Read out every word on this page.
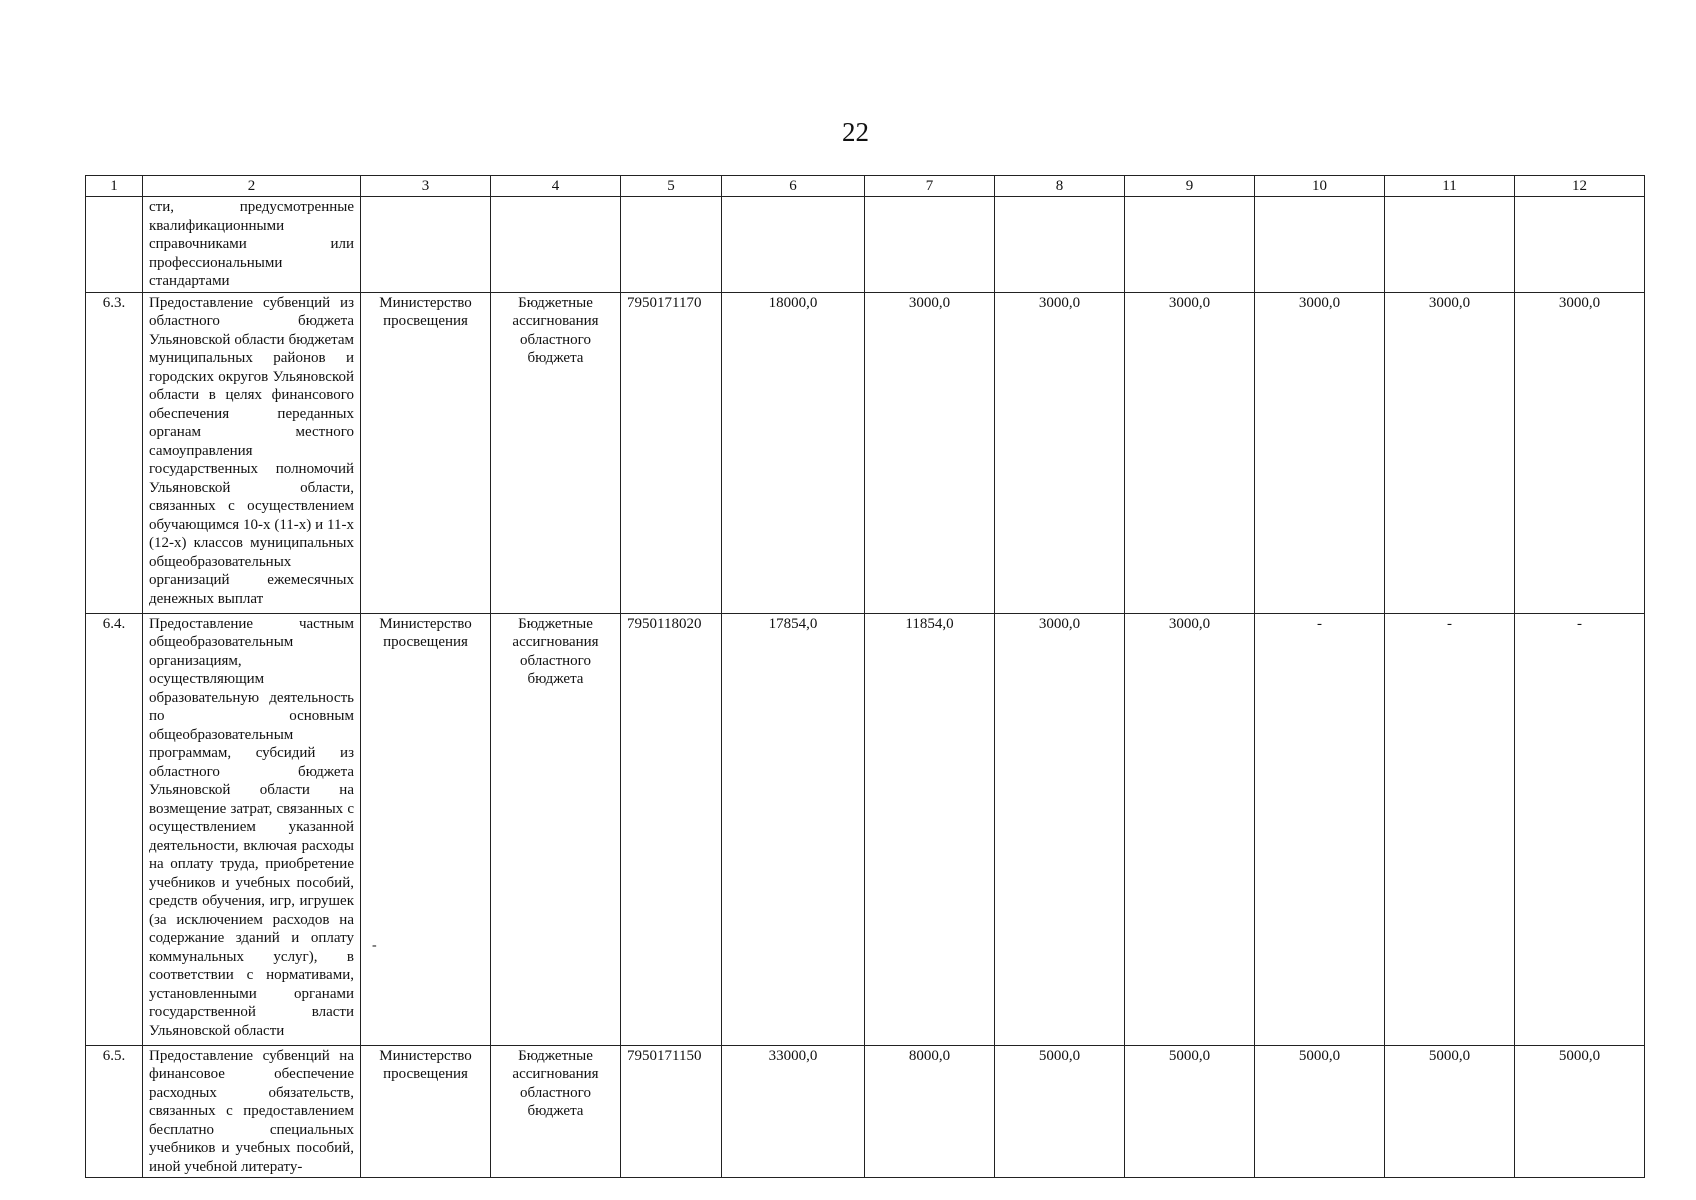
22
1	2	3	4	5	6	7	8	9	10	11	12
	сти, предусмотренные квалификационными справочниками или профессиональными стандартами										
6.3.	Предоставление субвенций из областного бюджета Ульяновской области бюджетам муниципальных районов и городских округов Ульяновской области в целях финансового обеспечения переданных органам местного самоуправления государственных полномочий Ульяновской области, связанных с осуществлением обучающимся 10-х (11-х) и 11-х (12-х) классов муниципальных общеобразовательных организаций ежемесячных денежных выплат	Министерство просвещения	Бюджетные ассигнования областного бюджета	7950171170	18000,0	3000,0	3000,0	3000,0	3000,0	3000,0	3000,0
6.4.	Предоставление частным общеобразовательным организациям, осуществляющим образовательную деятельность по основным общеобразовательным программам, субсидий из областного бюджета Ульяновской области на возмещение затрат, связанных с осуществлением указанной деятельности, включая расходы на оплату труда, приобретение учебников и учебных пособий, средств обучения, игр, игрушек (за исключением расходов на содержание зданий и оплату коммунальных услуг), в соответствии с нормативами, установленными органами государственной власти Ульяновской области	Министерство просвещения	Бюджетные ассигнования областного бюджета	7950118020	17854,0	11854,0	3000,0	3000,0	-	-	-
6.5.	Предоставление субвенций на финансовое обеспечение расходных обязательств, связанных с предоставлением бесплатно специальных учебников и учебных пособий, иной учебной литерату-	Министерство просвещения	Бюджетные ассигнования областного бюджета	7950171150	33000,0	8000,0	5000,0	5000,0	5000,0	5000,0	5000,0
-
